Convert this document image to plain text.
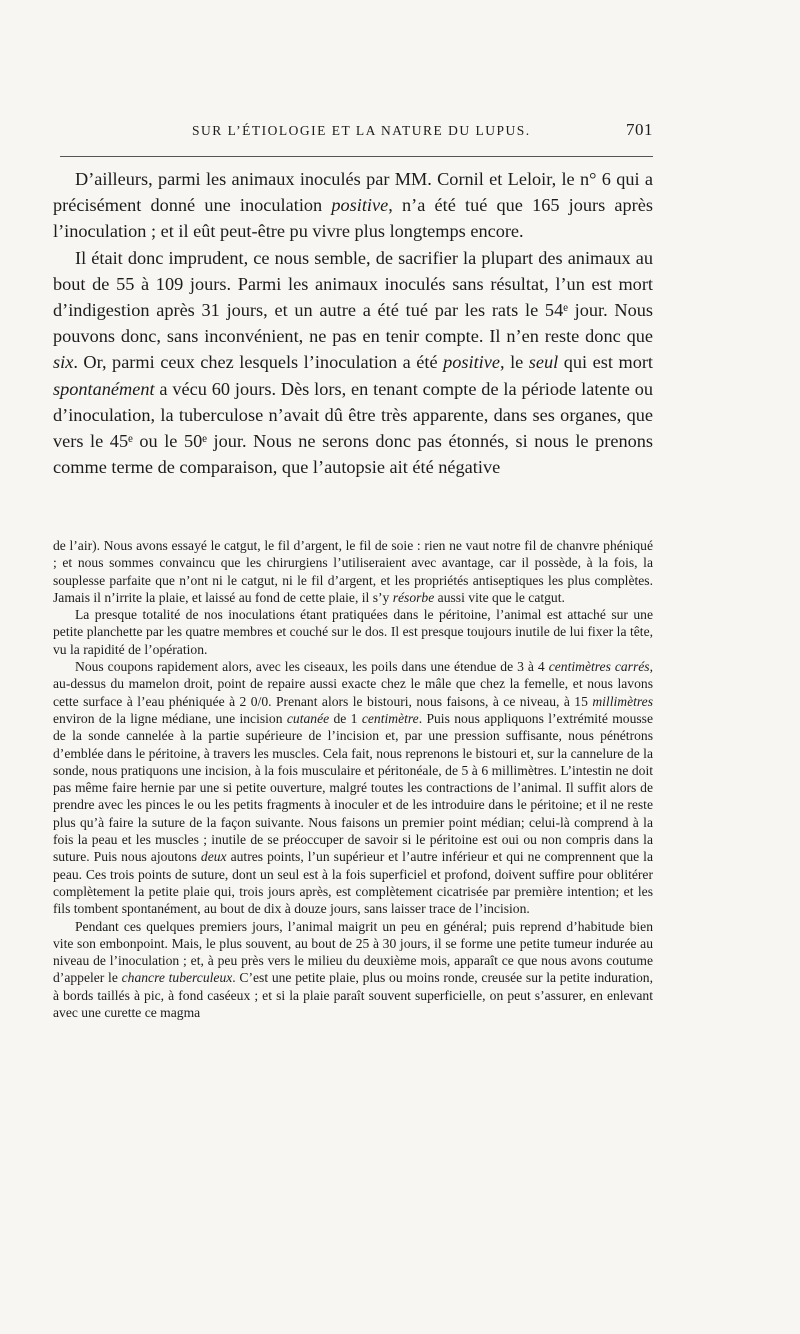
SUR L’ÉTIOLOGIE ET LA NATURE DU LUPUS.	701

D’ailleurs, parmi les animaux inoculés par MM. Cornil et Leloir, le n° 6 qui a précisément donné une inoculation positive, n’a été tué que 165 jours après l’inoculation ; et il eût peut-être pu vivre plus longtemps encore.

Il était donc imprudent, ce nous semble, de sacrifier la plupart des animaux au bout de 55 à 109 jours. Parmi les animaux inoculés sans résultat, l’un est mort d’indigestion après 31 jours, et un autre a été tué par les rats le 54ᵉ jour. Nous pouvons donc, sans inconvénient, ne pas en tenir compte. Il n’en reste donc que six. Or, parmi ceux chez lesquels l’inoculation a été positive, le seul qui est mort spontanément a vécu 60 jours. Dès lors, en tenant compte de la période latente ou d’inoculation, la tuberculose n’avait dû être très apparente, dans ses organes, que vers le 45ᵉ ou le 50ᵉ jour. Nous ne serons donc pas étonnés, si nous le prenons comme terme de comparaison, que l’autopsie ait été négative

de l’air). Nous avons essayé le catgut, le fil d’argent, le fil de soie : rien ne vaut notre fil de chanvre phéniqué ; et nous sommes convaincu que les chirurgiens l’utiliseraient avec avantage, car il possède, à la fois, la souplesse parfaite que n’ont ni le catgut, ni le fil d’argent, et les propriétés antiseptiques les plus complètes. Jamais il n’irrite la plaie, et laissé au fond de cette plaie, il s’y résorbe aussi vite que le catgut.

La presque totalité de nos inoculations étant pratiquées dans le péritoine, l’animal est attaché sur une petite planchette par les quatre membres et couché sur le dos. Il est presque toujours inutile de lui fixer la tête, vu la rapidité de l’opération.

Nous coupons rapidement alors, avec les ciseaux, les poils dans une étendue de 3 à 4 centimètres carrés, au-dessus du mamelon droit, point de repaire aussi exacte chez le mâle que chez la femelle, et nous lavons cette surface à l’eau phéniquée à 2 0/0. Prenant alors le bistouri, nous faisons, à ce niveau, à 15 millimètres environ de la ligne médiane, une incision cutanée de 1 centimètre. Puis nous appliquons l’extrémité mousse de la sonde cannelée à la partie supérieure de l’incision et, par une pression suffisante, nous pénétrons d’emblée dans le péritoine, à travers les muscles. Cela fait, nous reprenons le bistouri et, sur la cannelure de la sonde, nous pratiquons une incision, à la fois musculaire et péritonéale, de 5 à 6 millimètres. L’intestin ne doit pas même faire hernie par une si petite ouverture, malgré toutes les contractions de l’animal. Il suffit alors de prendre avec les pinces le ou les petits fragments à inoculer et de les introduire dans le péritoine; et il ne reste plus qu’à faire la suture de la façon suivante. Nous faisons un premier point médian; celui-là comprend à la fois la peau et les muscles ; inutile de se préoccuper de savoir si le péritoine est oui ou non compris dans la suture. Puis nous ajoutons deux autres points, l’un supérieur et l’autre inférieur et qui ne comprennent que la peau. Ces trois points de suture, dont un seul est à la fois superficiel et profond, doivent suffire pour oblitérer complètement la petite plaie qui, trois jours après, est complètement cicatrisée par première intention; et les fils tombent spontanément, au bout de dix à douze jours, sans laisser trace de l’incision.

Pendant ces quelques premiers jours, l’animal maigrit un peu en général; puis reprend d’habitude bien vite son embonpoint. Mais, le plus souvent, au bout de 25 à 30 jours, il se forme une petite tumeur indurée au niveau de l’inoculation ; et, à peu près vers le milieu du deuxième mois, apparaît ce que nous avons coutume d’appeler le chancre tuberculeux. C’est une petite plaie, plus ou moins ronde, creusée sur la petite induration, à bords taillés à pic, à fond caséeux ; et si la plaie paraît souvent superficielle, on peut s’assurer, en enlevant avec une curette ce magma
